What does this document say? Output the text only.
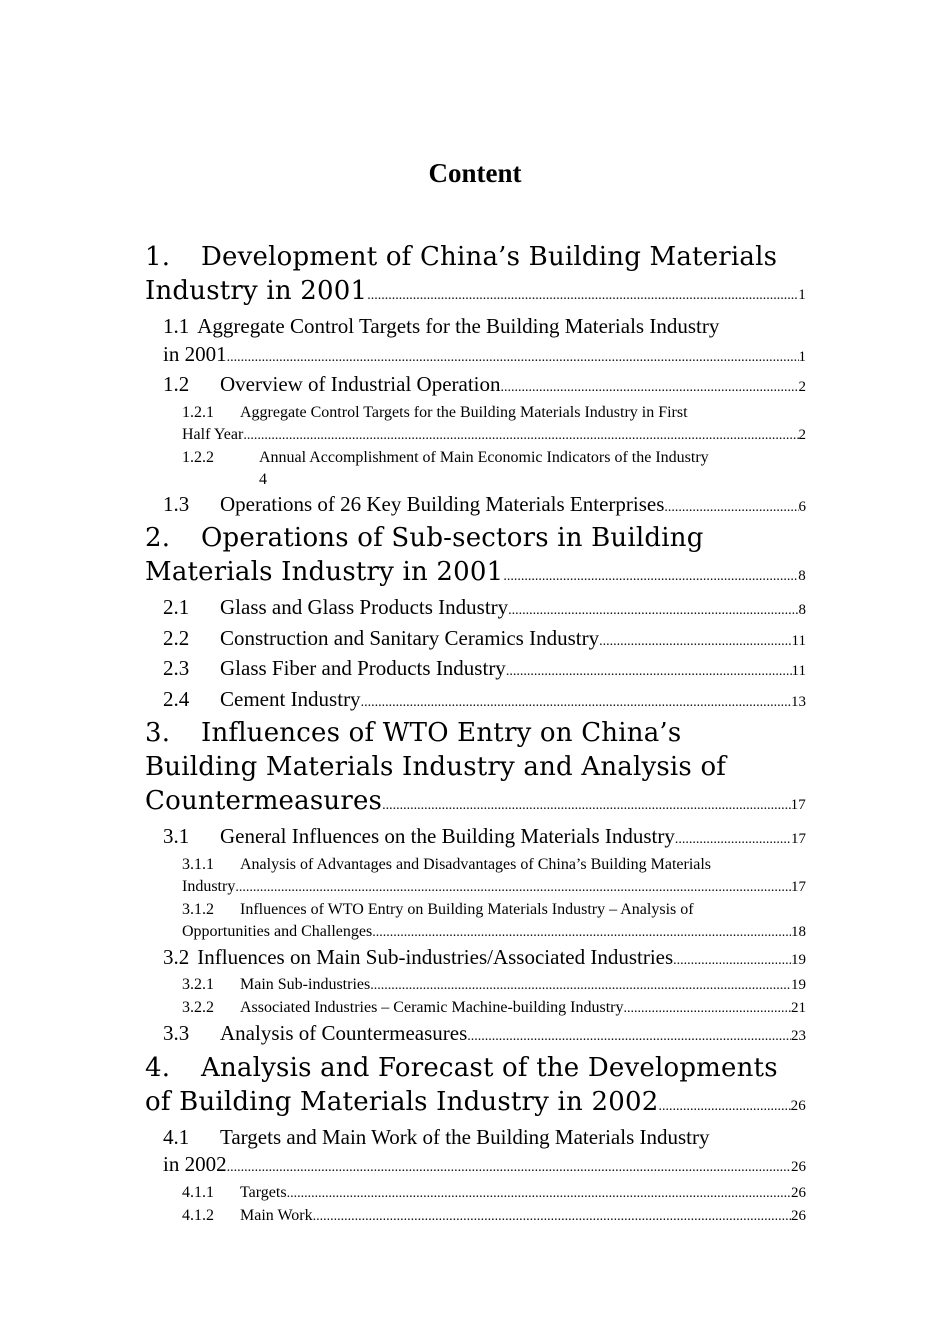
Content
1. Development of China’s Building Materials
Industry in 2001 .....	1
1.1 Aggregate Control Targets for the Building Materials Industry
in 2001 .....	1
1.2 Overview of Industrial Operation .....	2
1.2.1 Aggregate Control Targets for the Building Materials Industry in First
Half Year .....	2
1.2.2	Annual Accomplishment of Main Economic Indicators of the Industry
4
1.3 Operations of 26 Key Building Materials Enterprises .....	6
2. Operations of Sub-sectors in Building
Materials Industry in 2001 .....	8
2.1 Glass and Glass Products Industry .....	8
2.2 Construction and Sanitary Ceramics Industry .....	11
2.3 Glass Fiber and Products Industry .....	11
2.4 Cement Industry .....	13
3. Influences of WTO Entry on China’s
Building Materials Industry and Analysis of
Countermeasures .....	17
3.1 General Influences on the Building Materials Industry .....	17
3.1.1 Analysis of Advantages and Disadvantages of China’s Building Materials
Industry .....	17
3.1.2 Influences of WTO Entry on Building Materials Industry – Analysis of
Opportunities and Challenges .....	18
3.2 Influences on Main Sub-industries/Associated Industries .....	19
3.2.1 Main Sub-industries .....	19
3.2.2 Associated Industries – Ceramic Machine-building Industry .....	21
3.3 Analysis of Countermeasures .....	23
4. Analysis and Forecast of the Developments
of Building Materials Industry in 2002 .....	26
4.1 Targets and Main Work of the Building Materials Industry
in 2002 .....	26
4.1.1 Targets .....	26
4.1.2 Main Work .....	26
